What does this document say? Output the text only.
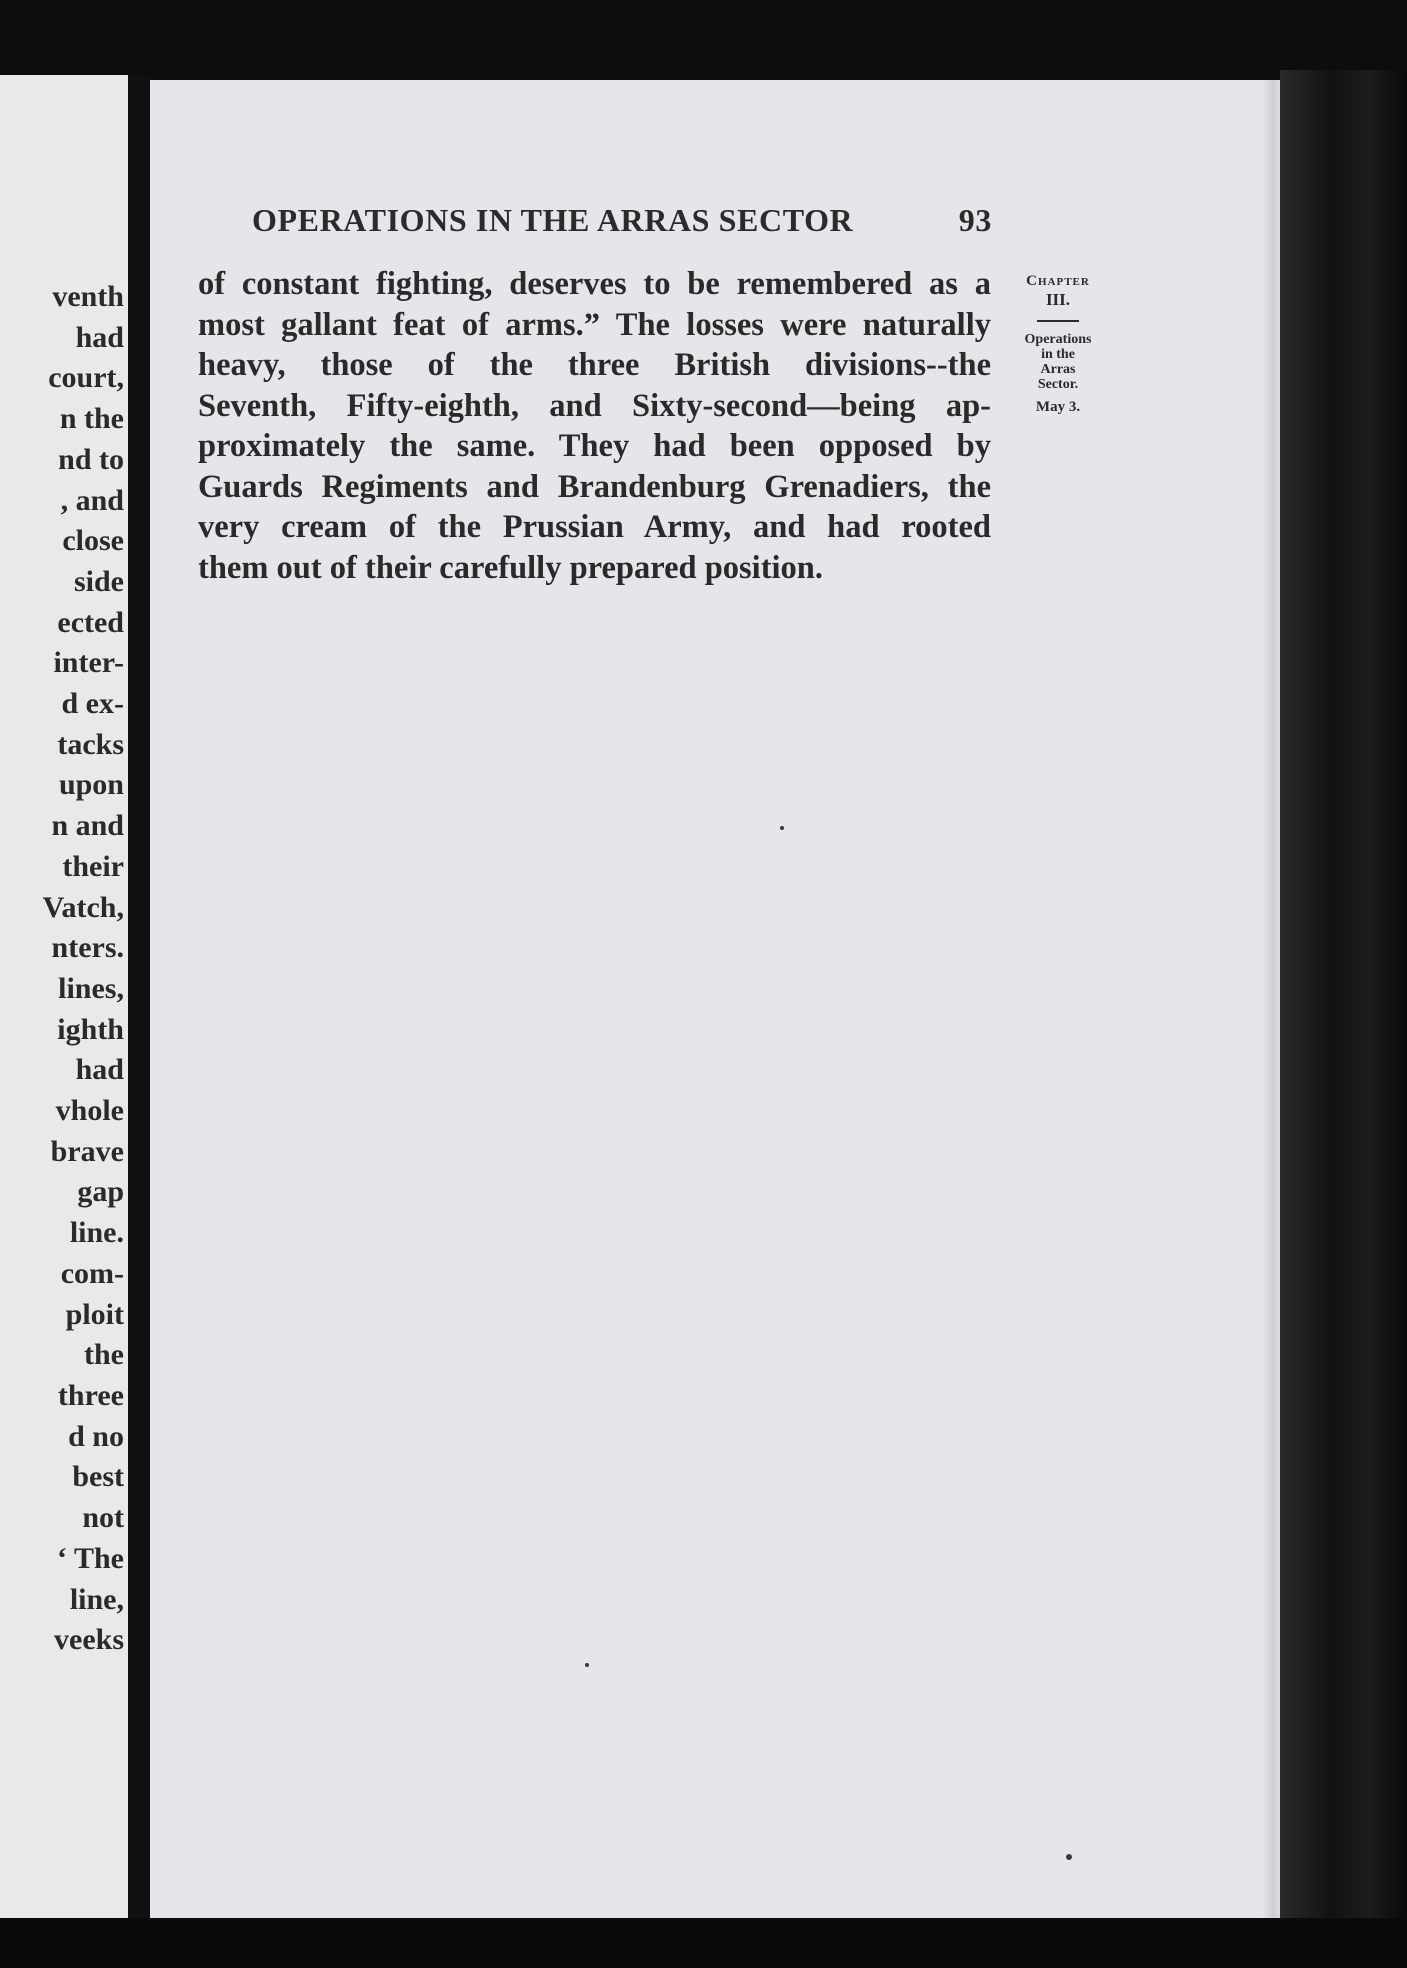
venth
had
court,
n the
nd to
, and
close
side
ected
inter-
d ex-
tacks
upon
n and
their
Vatch,
nters.
lines,
ighth
had
vhole
brave
gap
line.
com-
ploit
the
three
d no
best
not
‘ The
line,
veeks
OPERATIONS IN THE ARRAS SECTOR	93
of constant fighting, deserves to be remembered as a
most gallant feat of arms.” The losses were naturally
heavy, those of the three British divisions--the
Seventh, Fifty-eighth, and Sixty-second—being ap-
proximately the same. They had been opposed by
Guards Regiments and Brandenburg Grenadiers, the
very cream of the Prussian Army, and had rooted
them out of their carefully prepared position.
Chapter
III.
Operations
in the
Arras
Sector.
May 3.
